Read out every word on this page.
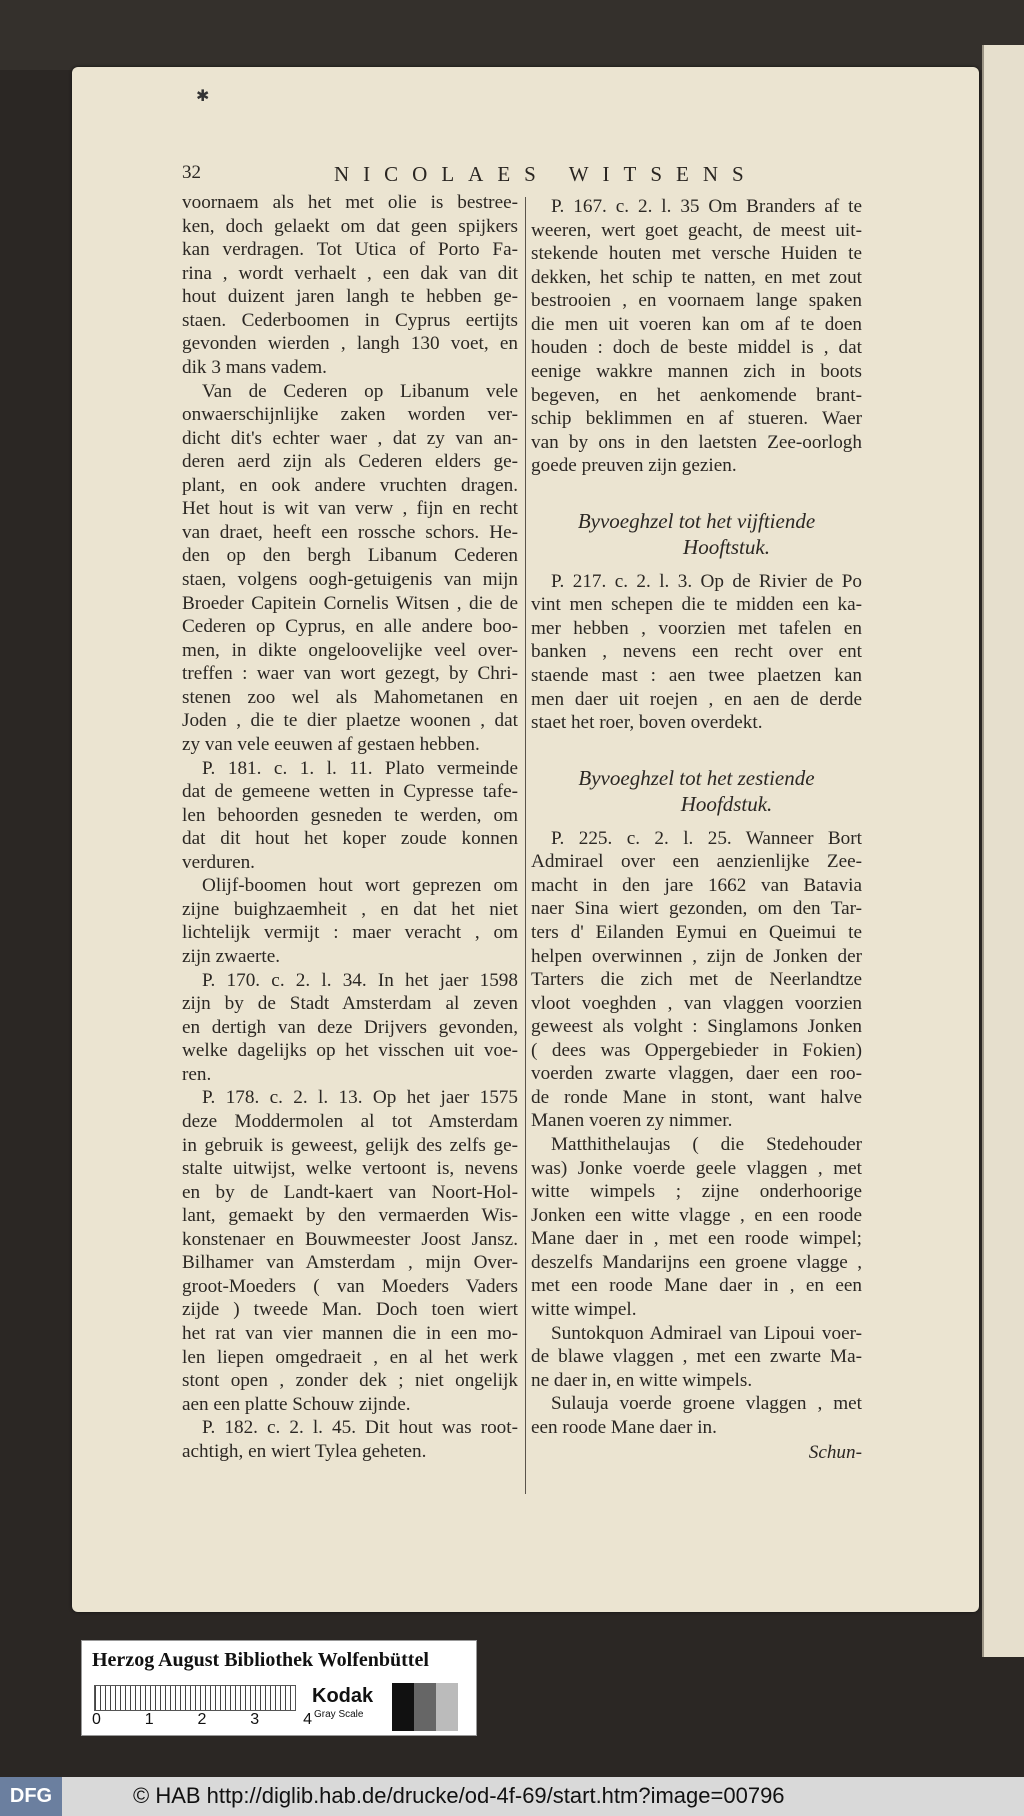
✱
32	NICOLAES WITSENS
voornaem als het met olie is bestree-
ken, doch gelaekt om dat geen spijkers
kan verdragen. Tot Utica of Porto Fa-
rina , wordt verhaelt , een dak van dit
hout duizent jaren langh te hebben ge-
staen. Cederboomen in Cyprus eertijts
gevonden wierden , langh 130 voet, en
dik 3 mans vadem.
Van de Cederen op Libanum vele
onwaerschijnlijke zaken worden ver-
dicht dit's echter waer , dat zy van an-
deren aerd zijn als Cederen elders ge-
plant, en ook andere vruchten dragen.
Het hout is wit van verw , fijn en recht
van draet, heeft een rossche schors. He-
den op den bergh Libanum Cederen
staen, volgens oogh-getuigenis van mijn
Broeder Capitein Cornelis Witsen , die de
Cederen op Cyprus, en alle andere boo-
men, in dikte ongeloovelijke veel over-
treffen : waer van wort gezegt, by Chri-
stenen zoo wel als Mahometanen en
Joden , die te dier plaetze woonen , dat
zy van vele eeuwen af gestaen hebben.
P. 181. c. 1. l. 11. Plato vermeinde
dat de gemeene wetten in Cypresse tafe-
len behoorden gesneden te werden, om
dat dit hout het koper zoude konnen
verduren.
Olijf-boomen hout wort geprezen om
zijne buighzaemheit , en dat het niet
lichtelijk vermijt : maer veracht , om
zijn zwaerte.
P. 170. c. 2. l. 34. In het jaer 1598
zijn by de Stadt Amsterdam al zeven
en dertigh van deze Drijvers gevonden,
welke dagelijks op het visschen uit voe-
ren.
P. 178. c. 2. l. 13. Op het jaer 1575
deze Moddermolen al tot Amsterdam
in gebruik is geweest, gelijk des zelfs ge-
stalte uitwijst, welke vertoont is, nevens
en by de Landt-kaert van Noort-Hol-
lant, gemaekt by den vermaerden Wis-
konstenaer en Bouwmeester Joost Jansz.
Bilhamer van Amsterdam , mijn Over-
groot-Moeders ( van Moeders Vaders
zijde ) tweede Man. Doch toen wiert
het rat van vier mannen die in een mo-
len liepen omgedraeit , en al het werk
stont open , zonder dek ; niet ongelijk
aen een platte Schouw zijnde.
P. 182. c. 2. l. 45. Dit hout was root-
achtigh, en wiert Tylea geheten.
P. 167. c. 2. l. 35 Om Branders af te
weeren, wert goet geacht, de meest uit-
stekende houten met versche Huiden te
dekken, het schip te natten, en met zout
bestrooien , en voornaem lange spaken
die men uit voeren kan om af te doen
houden : doch de beste middel is , dat
eenige wakkre mannen zich in boots
begeven, en het aenkomende brant-
schip beklimmen en af stueren. Waer
van by ons in den laetsten Zee-oorlogh
goede preuven zijn gezien.
Byvoeghzel tot het vijftiende
Hooftstuk.
P. 217. c. 2. l. 3. Op de Rivier de Po
vint men schepen die te midden een ka-
mer hebben , voorzien met tafelen en
banken , nevens een recht over ent
staende mast : aen twee plaetzen kan
men daer uit roejen , en aen de derde
staet het roer, boven overdekt.
Byvoeghzel tot het zestiende
Hoofdstuk.
P. 225. c. 2. l. 25. Wanneer Bort
Admirael over een aenzienlijke Zee-
macht in den jare 1662 van Batavia
naer Sina wiert gezonden, om den Tar-
ters d' Eilanden Eymui en Queimui te
helpen overwinnen , zijn de Jonken der
Tarters die zich met de Neerlandtze
vloot voeghden , van vlaggen voorzien
geweest als volght : Singlamons Jonken
( dees was Oppergebieder in Fokien)
voerden zwarte vlaggen, daer een roo-
de ronde Mane in stont, want halve
Manen voeren zy nimmer.
Matthithelaujas ( die Stedehouder
was) Jonke voerde geele vlaggen , met
witte wimpels ; zijne onderhoorige
Jonken een witte vlagge , en een roode
Mane daer in , met een roode wimpel;
deszelfs Mandarijns een groene vlagge ,
met een roode Mane daer in , en een
witte wimpel.
Suntokquon Admirael van Lipoui voer-
de blawe vlaggen , met een zwarte Ma-
ne daer in, en witte wimpels.
Sulauja voerde groene vlaggen , met
een roode Mane daer in.
Schun-
Herzog August Bibliothek Wolfenbüttel
0	1	2	3	4
Kodak
Gray Scale
DFG	© HAB http://diglib.hab.de/drucke/od-4f-69/start.htm?image=00796
